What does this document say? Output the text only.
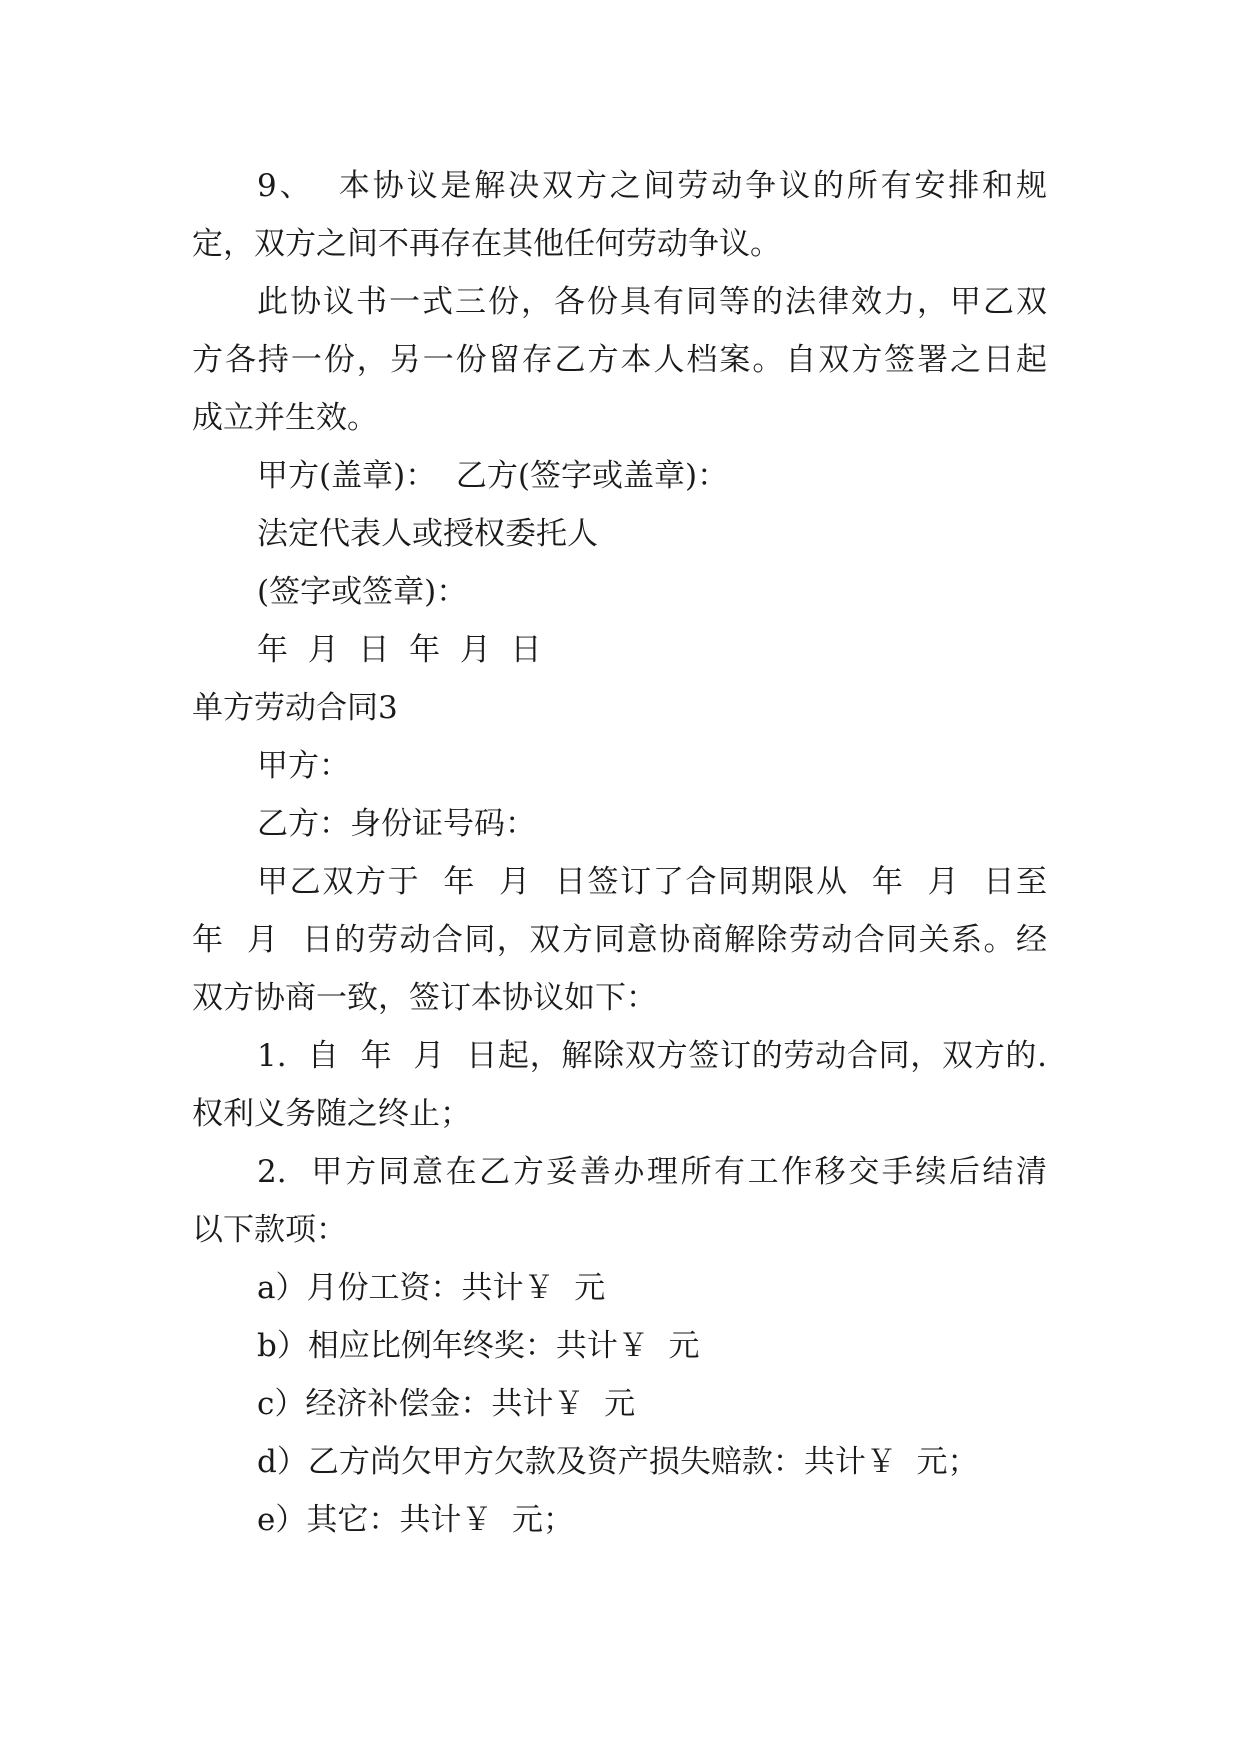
9、  本协议是解决双方之间劳动争议的所有安排和规
定，双方之间不再存在其他任何劳动争议。
此协议书一式三份，各份具有同等的法律效力，甲乙双
方各持一份，另一份留存乙方本人档案。自双方签署之日起
成立并生效。
甲方(盖章)：  乙方(签字或盖章)：
法定代表人或授权委托人
(签字或签章)：
年  月  日  年  月  日
单方劳动合同3
甲方：
乙方：身份证号码：
甲乙双方于  年  月  日签订了合同期限从  年  月  日至
年  月  日的劳动合同，双方同意协商解除劳动合同关系。经
双方协商一致，签订本协议如下：
1.  自  年  月  日起，解除双方签订的劳动合同，双方的.
权利义务随之终止；
2.  甲方同意在乙方妥善办理所有工作移交手续后结清
以下款项：
a）月份工资：共计￥  元
b）相应比例年终奖：共计￥  元
c）经济补偿金：共计￥  元
d）乙方尚欠甲方欠款及资产损失赔款：共计￥  元；
e）其它：共计￥  元；
